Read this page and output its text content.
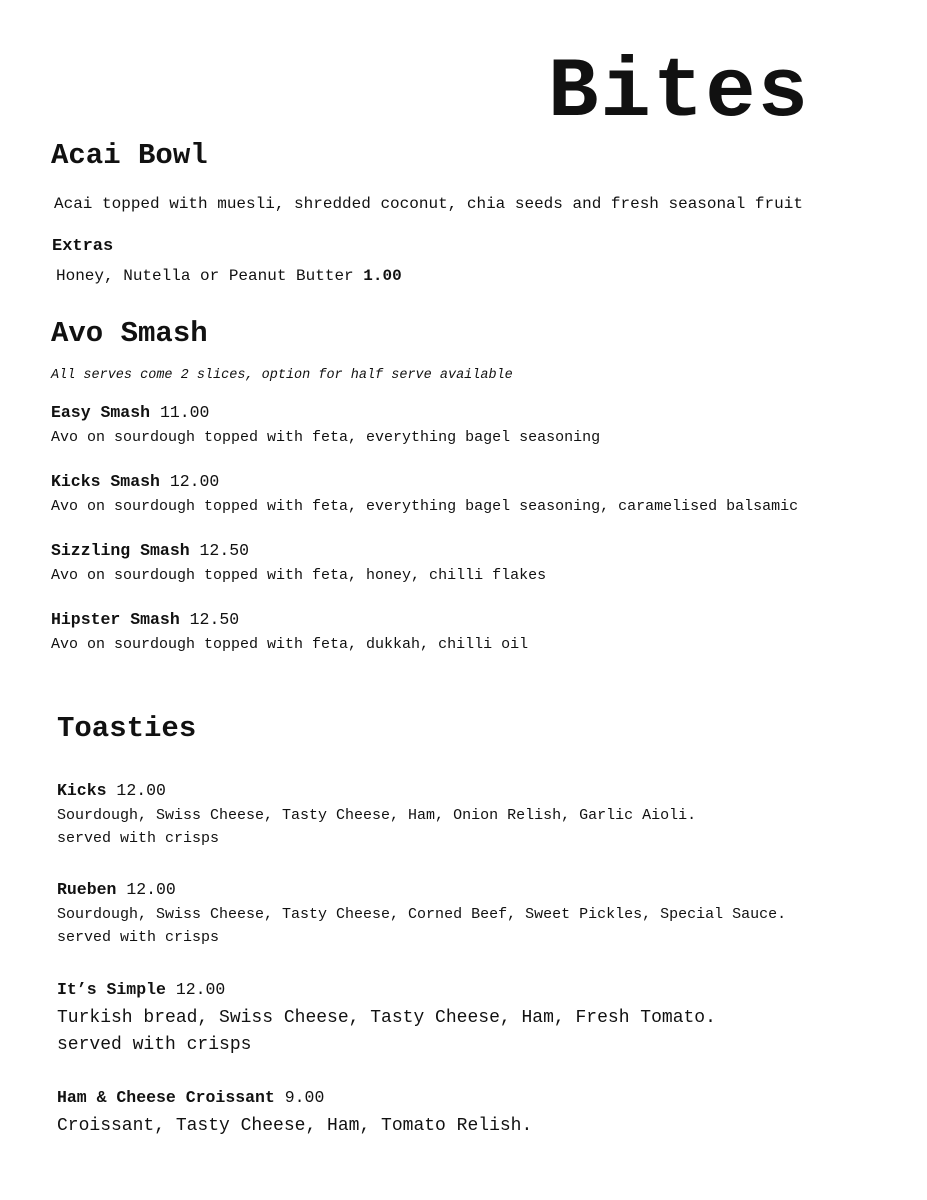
Bites
Acai Bowl
Acai topped with muesli, shredded coconut, chia seeds and fresh seasonal fruit
Extras
Honey, Nutella or Peanut Butter 1.00
Avo Smash
All serves come 2 slices, option for half serve available
Easy Smash 11.00
Avo on sourdough topped with feta, everything bagel seasoning
Kicks Smash 12.00
Avo on sourdough topped with feta, everything bagel seasoning, caramelised balsamic
Sizzling Smash 12.50
Avo on sourdough topped with feta, honey, chilli flakes
Hipster Smash 12.50
Avo on sourdough topped with feta, dukkah, chilli oil
Toasties
Kicks 12.00
Sourdough, Swiss Cheese, Tasty Cheese, Ham, Onion Relish, Garlic Aioli.
served with crisps
Rueben 12.00
Sourdough, Swiss Cheese, Tasty Cheese, Corned Beef, Sweet Pickles, Special Sauce.
served with crisps
It’s Simple 12.00
Turkish bread, Swiss Cheese, Tasty Cheese, Ham, Fresh Tomato.
served with crisps
Ham & Cheese Croissant 9.00
Croissant, Tasty Cheese, Ham, Tomato Relish.
